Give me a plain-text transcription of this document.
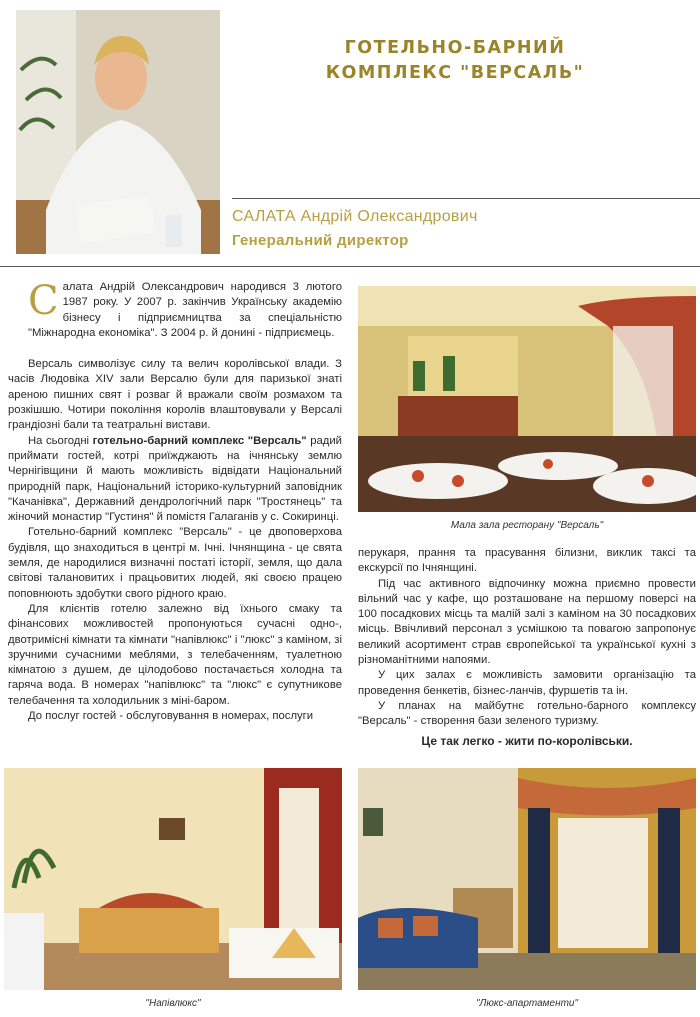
ГОТЕЛЬНО-БАРНИЙ
КОМПЛЕКС "ВЕРСАЛЬ"
САЛАТА Андрій Олександрович
Генеральний директор
С алата Андрій Олександрович народився 3 лютого 1987 року. У 2007 р. закінчив Українську академію бізнесу і підприємництва за спеціальністю "Міжнародна економіка". З 2004 р. й донині - підприємець.

Версаль символізує силу та велич королівської влади. З часів Людовіка XIV зали Версалю були для паризької знаті ареною пишних свят і розваг й вражали своїм розмахом та розкішшю. Чотири покоління королів влаштовували у Версалі грандіозні бали та театральні вистави.

На сьогодні готельно-барний комплекс "Версаль" радий приймати гостей, котрі приїжджають на ічнянську землю Чернігівщини й мають можливість відвідати Національний природній парк, Національний історико-культурний заповідник "Качанівка", Державний дендрологічний парк "Тростянець" та жіночий монастир "Густиня" й помістя Галаганів у с. Сокиринці.

Готельно-барний комплекс "Версаль" - це двоповерхова будівля, що знаходиться в центрі м. Ічні. Ічнянщина - це свята земля, де народилися визначні постаті історії, земля, що дала світові талановитих і працьовитих людей, які своєю працею поповнюють здобутки свого рідного краю.

Для клієнтів готелю залежно від їхнього смаку та фінансових можливостей пропонуються сучасні одно-, двотримісні кімнати та кімнати "напівлюкс" і "люкс" з каміном, зі зручними сучасними меблями, з телебаченням, туалетною кімнатою з душем, де цілодобово постачається холодна та гаряча вода. В номерах "напівлюкс" та "люкс" є супутникове телебачення та холодильник з міні-баром.

До послуг гостей - обслуговування в номерах, послуги

Мала зала ресторану "Версаль"
перукаря, прання та прасування білизни, виклик таксі та екскурсії по Ічнянщині.

Під час активного відпочинку можна приємно провести вільний час у кафе, що розташоване на першому поверсі на 100 посадкових місць та малій залі з каміном на 30 посадкових місць. Ввічливий персонал з усмішкою та повагою запропонує великий асортимент страв європейської та української кухні з різноманітними напоями.

У цих залах є можливість замовити організацію та проведення бенкетів, бізнес-ланчів, фуршетів та ін.

У планах на майбутнє готельно-барного комплексу "Версаль" - створення бази зеленого туризму.

Це так легко - жити по-королівськи.
"Напівлюкс"	"Люкс-апартаменти"
